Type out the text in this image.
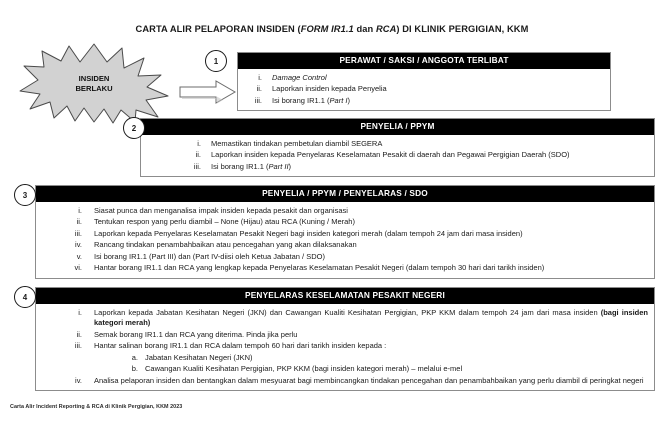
CARTA ALIR PELAPORAN INSIDEN (FORM IR1.1 dan RCA) DI KLINIK PERGIGIAN, KKM
INSIDEN
BERLAKU
1
2
3
4
PERAWAT / SAKSI / ANGGOTA TERLIBAT
i. Damage Control
ii. Laporkan insiden kepada Penyelia
iii. Isi borang IR1.1 (Part I)
PENYELIA / PPYM
i. Memastikan tindakan pembetulan diambil SEGERA
ii. Laporkan insiden kepada Penyelaras Keselamatan Pesakit di daerah dan Pegawai Pergigian Daerah (SDO)
iii. Isi borang IR1.1 (Part II)
PENYELIA / PPYM / PENYELARAS / SDO
i. Siasat punca dan menganalisa impak insiden kepada pesakit dan organisasi
ii. Tentukan respon yang perlu diambil – None (Hijau) atau RCA (Kuning / Merah)
iii. Laporkan kepada Penyelaras Keselamatan Pesakit Negeri bagi insiden kategori merah (dalam tempoh 24 jam dari masa insiden)
iv. Rancang tindakan penambahbaikan atau pencegahan yang akan dilaksanakan
v. Isi borang IR1.1 (Part III) dan (Part IV-diisi oleh Ketua Jabatan / SDO)
vi. Hantar borang IR1.1 dan RCA yang lengkap kepada Penyelaras Keselamatan Pesakit Negeri (dalam tempoh 30 hari dari tarikh insiden)
PENYELARAS KESELAMATAN PESAKIT NEGERI
i. Laporkan kepada Jabatan Kesihatan Negeri (JKN) dan Cawangan Kualiti Kesihatan Pergigian, PKP KKM dalam tempoh 24 jam dari masa insiden (bagi insiden kategori merah)
ii. Semak borang IR1.1 dan RCA yang diterima. Pinda jika perlu
iii. Hantar salinan borang IR1.1 dan RCA dalam tempoh 60 hari dari tarikh insiden kepada :
a. Jabatan Kesihatan Negeri (JKN)
b. Cawangan Kualiti Kesihatan Pergigian, PKP KKM (bagi insiden kategori merah) – melalui e-mel
iv. Analisa pelaporan insiden dan bentangkan dalam mesyuarat bagi membincangkan tindakan pencegahan dan penambahbaikan yang perlu diambil di peringkat negeri
Carta Alir Incident Reporting & RCA di Klinik Pergigian, KKM 2023
